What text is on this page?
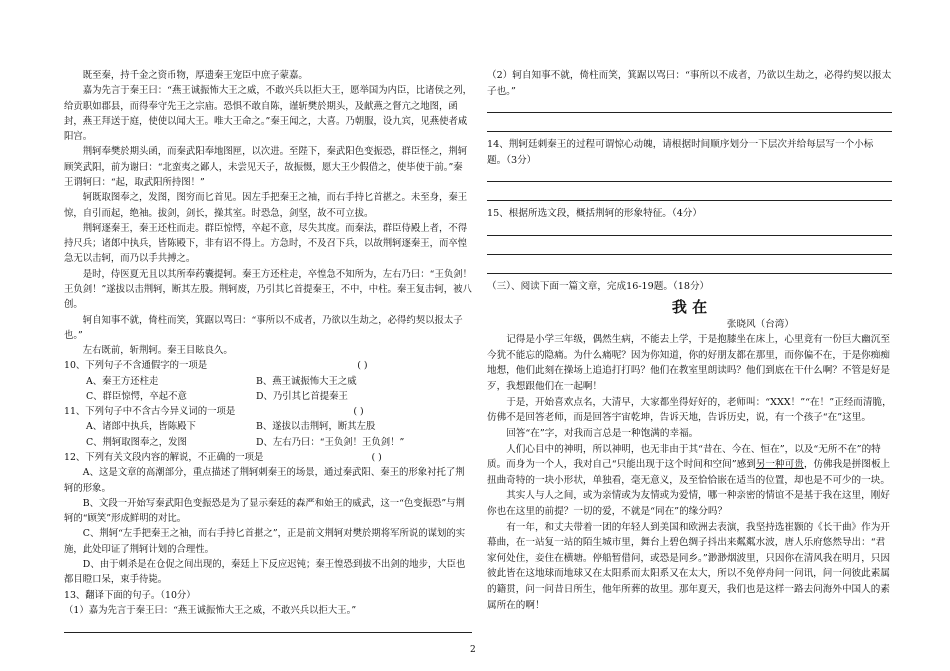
既至秦，持千金之资币物，厚遗秦王宠臣中庶子蒙嘉。

嘉为先言于秦王曰：“燕王诚振怖大王之威，不敢兴兵以拒大王，愿举国为内臣，比诸侯之列，给贡职如郡县，而得奉守先王之宗庙。恐惧不敢自陈，谨斩樊於期头，及献燕之督亢之地图，函封，燕王拜送于庭，使使以闻大王。唯大王命之。”秦王闻之，大喜。乃朝服，设九宾，见燕使者咸阳宫。

荆轲奉樊於期头函，而秦武阳奉地图匣，以次进。至陛下，秦武阳色变振恐，群臣怪之，荆轲顾笑武阳，前为谢曰：“北蛮夷之鄙人，未尝见天子，故振慑，愿大王少假借之，使毕使于前。”秦王谓轲曰：“起，取武阳所持图！”

轲既取图奉之，发图，图穷而匕首见。因左手把秦王之袖，而右手持匕首揕之。未至身，秦王惊，自引而起，绝袖。拔剑，剑长，操其室。时恐急，剑坚，故不可立拔。

荆轲逐秦王，秦王还柱而走。群臣惊愕，卒起不意，尽失其度。而秦法，群臣侍殿上者，不得持尺兵；诸郎中执兵，皆陈殿下，非有诏不得上。方急时，不及召下兵，以故荆轲逐秦王，而卒惶急无以击轲，而乃以手共搏之。

是时，侍医夏无且以其所奉药囊提轲。秦王方还柱走，卒惶急不知所为，左右乃曰：“王负剑！王负剑！”遂拔以击荆轲，断其左股。荆轲废，乃引其匕首提秦王，不中，中柱。秦王复击轲，被八创。

轲自知事不就，倚柱而笑，箕踞以骂曰：“事所以不成者，乃欲以生劫之，必得约契以报太子也。”

左右既前，斩荆轲。秦王目眩良久。

10、下列句子不含通假字的一项是	( )

A、秦王方还柱走	B、燕王诚振怖大王之威
C、群臣惊愕，卒起不意	D、乃引其匕首提秦王

11、下列句子中不含古今异义词的一项是	( )

A、诸郎中执兵，皆陈殿下	B、遂拔以击荆轲，断其左股
C、荆轲取图奉之，发图	D、左右乃曰：“王负剑！王负剑！”

12、下列有关文段内容的解说，不正确的一项是	( )

A、这是文章的高潮部分，重点描述了荆轲刺秦王的场景，通过秦武阳、秦王的形象衬托了荆轲的形象。

B、文段一开始写秦武阳色变振恐是为了显示秦廷的森严和始王的威武，这一“色变振恐”与荆轲的“顾笑”形成鲜明的对比。

C、荆轲“左手把秦王之袖，而右手持匕首揕之”，正是前文荆轲对樊於期将军所说的谋划的实施，此处印证了荆轲计划的合理性。

D、由于刺杀是在仓促之间出现的，秦廷上下反应迟钝；秦王惶恐到拔不出剑的地步，大臣也都目瞪口呆，束手待毙。

13、翻译下面的句子。（10分）

（1）嘉为先言于秦王曰：“燕王诚振怖大王之威，不敢兴兵以拒大王。”

（2）轲自知事不就，倚柱而笑，箕踞以骂曰：“事所以不成者，乃欲以生劫之，必得约契以报太子也。”

14、荆轲廷刺秦王的过程可谓惊心动魄，请根据时间顺序划分一下层次并给每层写一个小标题。（3分）

15、根据所选文段，概括荆轲的形象特征。（4分）

（三）、阅读下面一篇文章，完成16-19题。（18分）

我 在

张晓风（台湾）

记得是小学三年级，偶然生病，不能去上学，于是抱膝坐在床上，心里竟有一份巨大幽沉至今犹不能忘的隐痛。为什么痛呢？因为你知道，你的好朋友都在那里，而你偏不在，于是你痴痴地想，他们此刻在操场上追追打打吗？他们在教室里朗读吗？他们到底在干什么啊？不管是好是歹，我想跟他们在一起啊！

于是，开始喜欢点名，大清早，大家都坐得好好的，老师叫：“XXX！”“在！”正经而清脆，仿佛不是回答老师，而是回答宇宙乾坤，告诉天地，告诉历史，说，有一个孩子“在”这里。

回答“在”字，对我而言总是一种饱满的幸福。

人们心目中的神明，所以神明，也无非由于其“昔在、今在、恒在”，以及“无所不在”的特质。而身为一个人，我对自己“只能出现于这个时间和空间”感到另一种可贵，仿佛我是拼图板上扭曲奇特的一块小形状，单独看，毫无意义，及至恰恰嵌在适当的位置，却也是不可少的一块。

其实人与人之间，或为亲情或为友情或为爱情，哪一种亲密的情谊不是基于我在这里，刚好你也在这里的前提？一切的爱，不就是“同在”的缘分吗？

有一年，和丈夫带着一团的年轻人到美国和欧洲去表演，我坚持选崔颢的《长干曲》作为开幕曲，在一站复一站的陌生城市里，舞台上碧色绸子抖出来粼粼水波，唐人乐府悠然导出：“君家何处住，妾住在横塘。停船暂借问，或恐是同乡。”渺渺烟波里，只因你在清风我在明月，只因彼此皆在这地球而地球又在太阳系而太阳系又在太大，所以不免停舟问一问讯，问一问彼此素属的籍贯，问一问昔日所生，他年所葬的故里。那年夏天，我们也是这样一路去问海外中国人的素属所在的啊！

2
